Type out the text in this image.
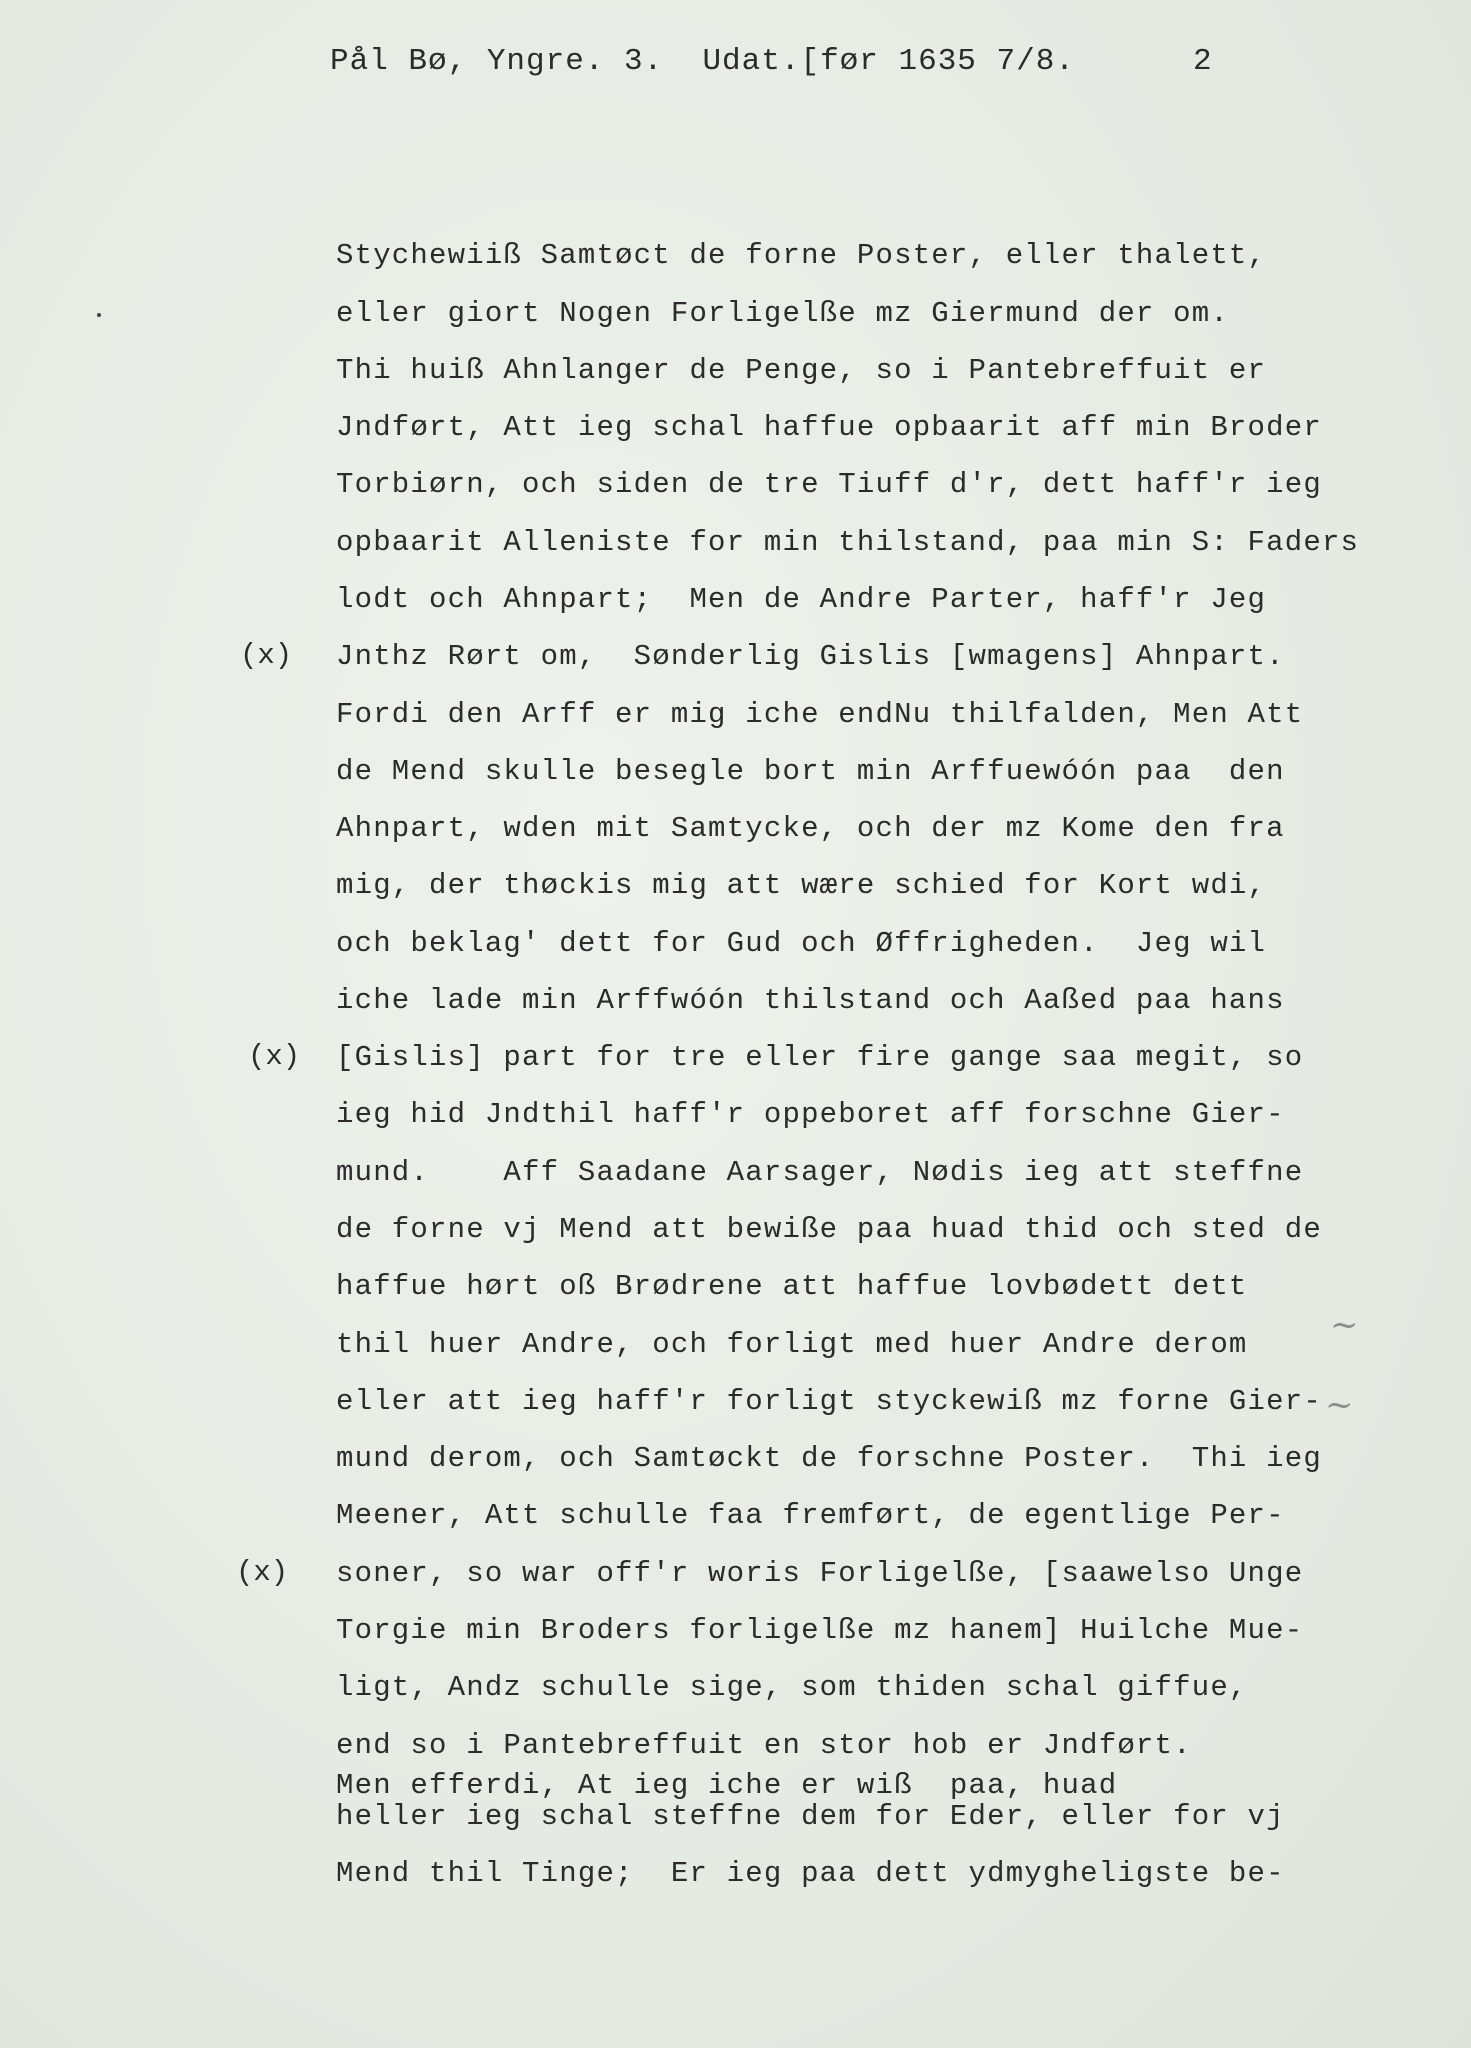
Pål Bø, Yngre. 3.  Udat.[før 1635 7/8.	2
Stychewiiß Samtøct de forne Poster, eller thalett,
eller giort Nogen Forligelße mz Giermund der om.
Thi huiß Ahnlanger de Penge, so i Pantebreffuit er
Jndført, Att ieg schal haffue opbaarit aff min Broder
Torbiørn, och siden de tre Tiuff d'r, dett haff'r ieg
opbaarit Alleniste for min thilstand, paa min S: Faders
lodt och Ahnpart;  Men de Andre Parter, haff'r Jeg
Jnthz Rørt om,  Sønderlig Gislis [wmagens] Ahnpart.
Fordi den Arff er mig iche endNu thilfalden, Men Att
de Mend skulle besegle bort min Arffuewóón paa  den
Ahnpart, wden mit Samtycke, och der mz Kome den fra
mig, der thøckis mig att wære schied for Kort wdi,
och beklag' dett for Gud och Øffrigheden.  Jeg wil
iche lade min Arffwóón thilstand och Aaßed paa hans
[Gislis] part for tre eller fire gange saa megit, so
ieg hid Jndthil haff'r oppeboret aff forschne Gier-
mund.    Aff Saadane Aarsager, Nødis ieg att steffne
de forne vj Mend att bewiße paa huad thid och sted de
haffue hørt oß Brødrene att haffue lovbødett dett
thil huer Andre, och forligt med huer Andre derom
eller att ieg haff'r forligt styckewiß mz forne Gier-
mund derom, och Samtøckt de forschne Poster.  Thi ieg
Meener, Att schulle faa fremført, de egentlige Per-
soner, so war off'r woris Forligelße, [saawelso Unge
Torgie min Broders forligelße mz hanem] Huilche Mue-
ligt, Andz schulle sige, som thiden schal giffue,
end so i Pantebreffuit en stor hob er Jndført.
Men efferdi, At ieg iche er wiß  paa, huad
heller ieg schal steffne dem for Eder, eller for vj
Mend thil Tinge;  Er ieg paa dett ydmygheligste be-
(x)
(x)
(x)
~
~
